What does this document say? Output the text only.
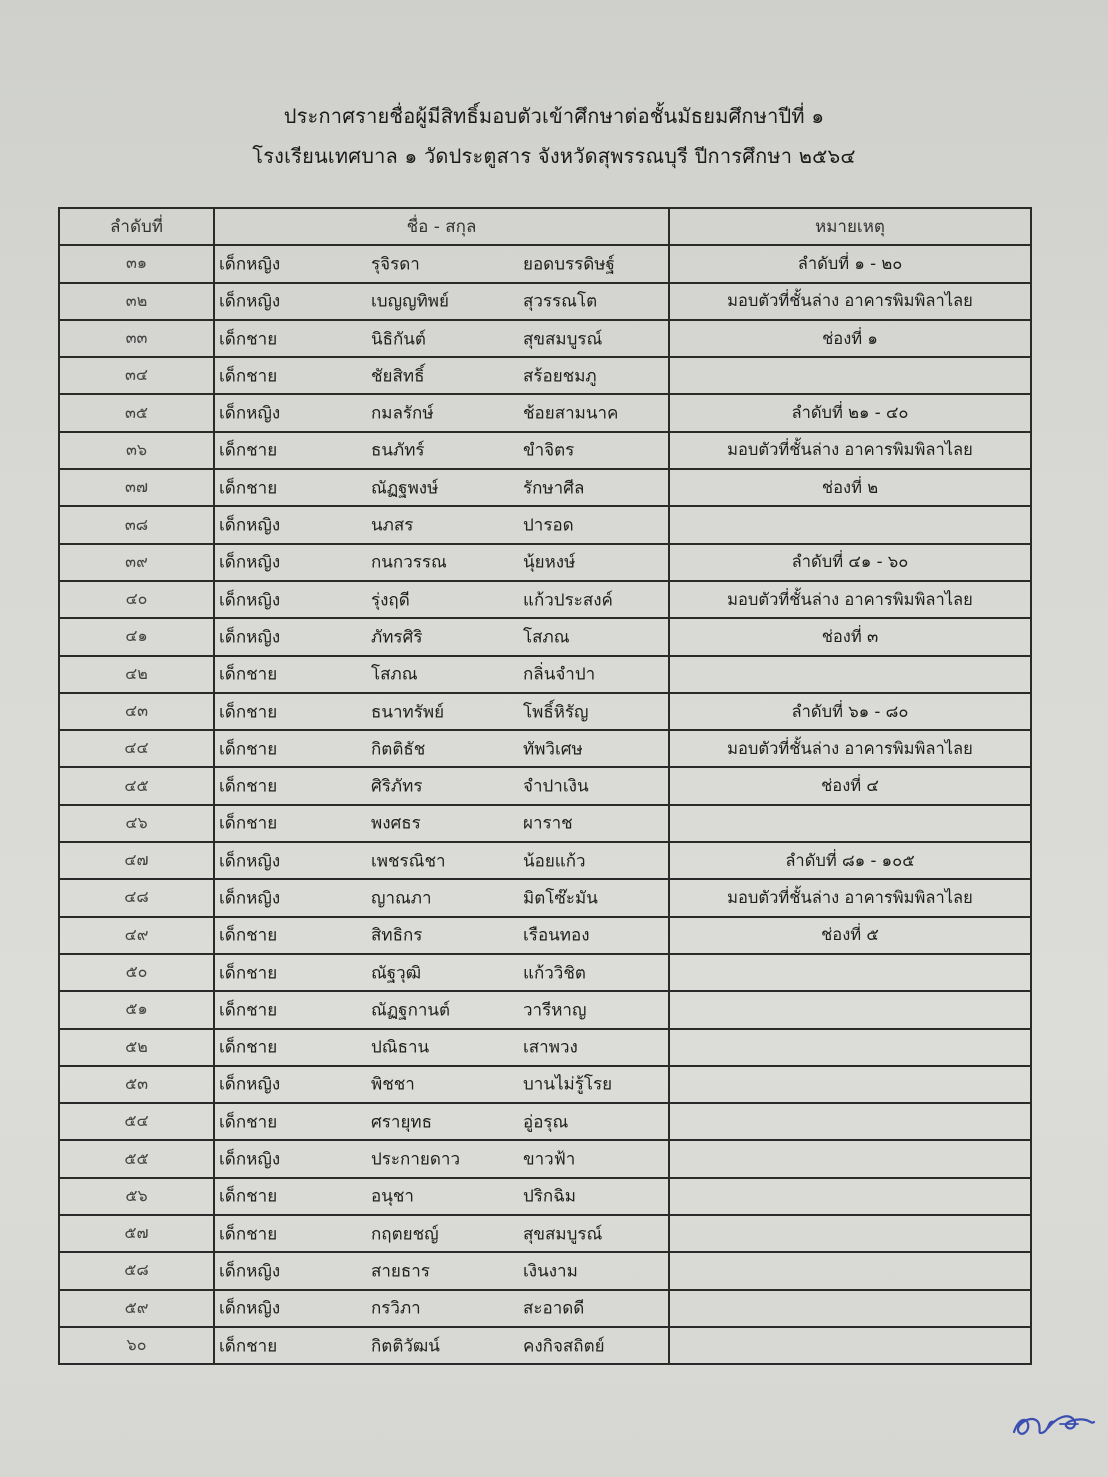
ประกาศรายชื่อผู้มีสิทธิ์มอบตัวเข้าศึกษาต่อชั้นมัธยมศึกษาปีที่ ๑
โรงเรียนเทศบาล ๑ วัดประตูสาร จังหวัดสุพรรณบุรี ปีการศึกษา ๒๕๖๔
ลำดับที่	ชื่อ - สกุล	หมายเหตุ
๓๑	เด็กหญิง รุจิรดา ยอดบรรดิษฐ์	ลำดับที่ ๑ - ๒๐
๓๒	เด็กหญิง เบญญทิพย์ สุวรรณโต	มอบตัวที่ชั้นล่าง อาคารพิมพิลาไลย
๓๓	เด็กชาย นิธิกันต์ สุขสมบูรณ์	ช่องที่ ๑
๓๔	เด็กชาย ชัยสิทธิ์ สร้อยชมภู	

๓๕	เด็กหญิง กมลรักษ์ ช้อยสามนาค	ลำดับที่ ๒๑ - ๔๐
๓๖	เด็กชาย ธนภัทร์ ขำจิตร	มอบตัวที่ชั้นล่าง อาคารพิมพิลาไลย
๓๗	เด็กชาย ณัฏฐพงษ์ รักษาศีล	ช่องที่ ๒
๓๘	เด็กหญิง นภสร ปารอด	

๓๙	เด็กหญิง กนกวรรณ นุ้ยหงษ์	ลำดับที่ ๔๑ - ๖๐
๔๐	เด็กหญิง รุ่งฤดี แก้วประสงค์	มอบตัวที่ชั้นล่าง อาคารพิมพิลาไลย
๔๑	เด็กหญิง ภัทรศิริ โสภณ	ช่องที่ ๓
๔๒	เด็กชาย โสภณ กลิ่นจำปา	

๔๓	เด็กชาย ธนาทรัพย์ โพธิ์หิรัญ	ลำดับที่ ๖๑ - ๘๐
๔๔	เด็กชาย กิตติธัช ทัพวิเศษ	มอบตัวที่ชั้นล่าง อาคารพิมพิลาไลย
๔๕	เด็กชาย ศิริภัทร จำปาเงิน	ช่องที่ ๔
๔๖	เด็กชาย พงศธร ผาราช	

๔๗	เด็กหญิง เพชรณิชา น้อยแก้ว	ลำดับที่ ๘๑ - ๑๐๕
๔๘	เด็กหญิง ญาณภา มิตโซ๊ะมัน	มอบตัวที่ชั้นล่าง อาคารพิมพิลาไลย
๔๙	เด็กชาย สิทธิกร เรือนทอง	ช่องที่ ๕
๕๐	เด็กชาย ณัฐวุฒิ แก้ววิชิต	

๕๑	เด็กชาย ณัฏฐกานต์ วารีหาญ	

๕๒	เด็กชาย ปณิธาน เสาพวง	

๕๓	เด็กหญิง พิชชา บานไม่รู้โรย	

๕๔	เด็กชาย ศรายุทธ อู่อรุณ	

๕๕	เด็กหญิง ประกายดาว ขาวฟ้า	

๕๖	เด็กชาย อนุชา ปริกฉิม	

๕๗	เด็กชาย กฤตยชญ์ สุขสมบูรณ์	

๕๘	เด็กหญิง สายธาร เงินงาม	

๕๙	เด็กหญิง กรวิภา สะอาดดี	

๖๐	เด็กชาย กิตติวัฒน์ คงกิจสถิตย์	
